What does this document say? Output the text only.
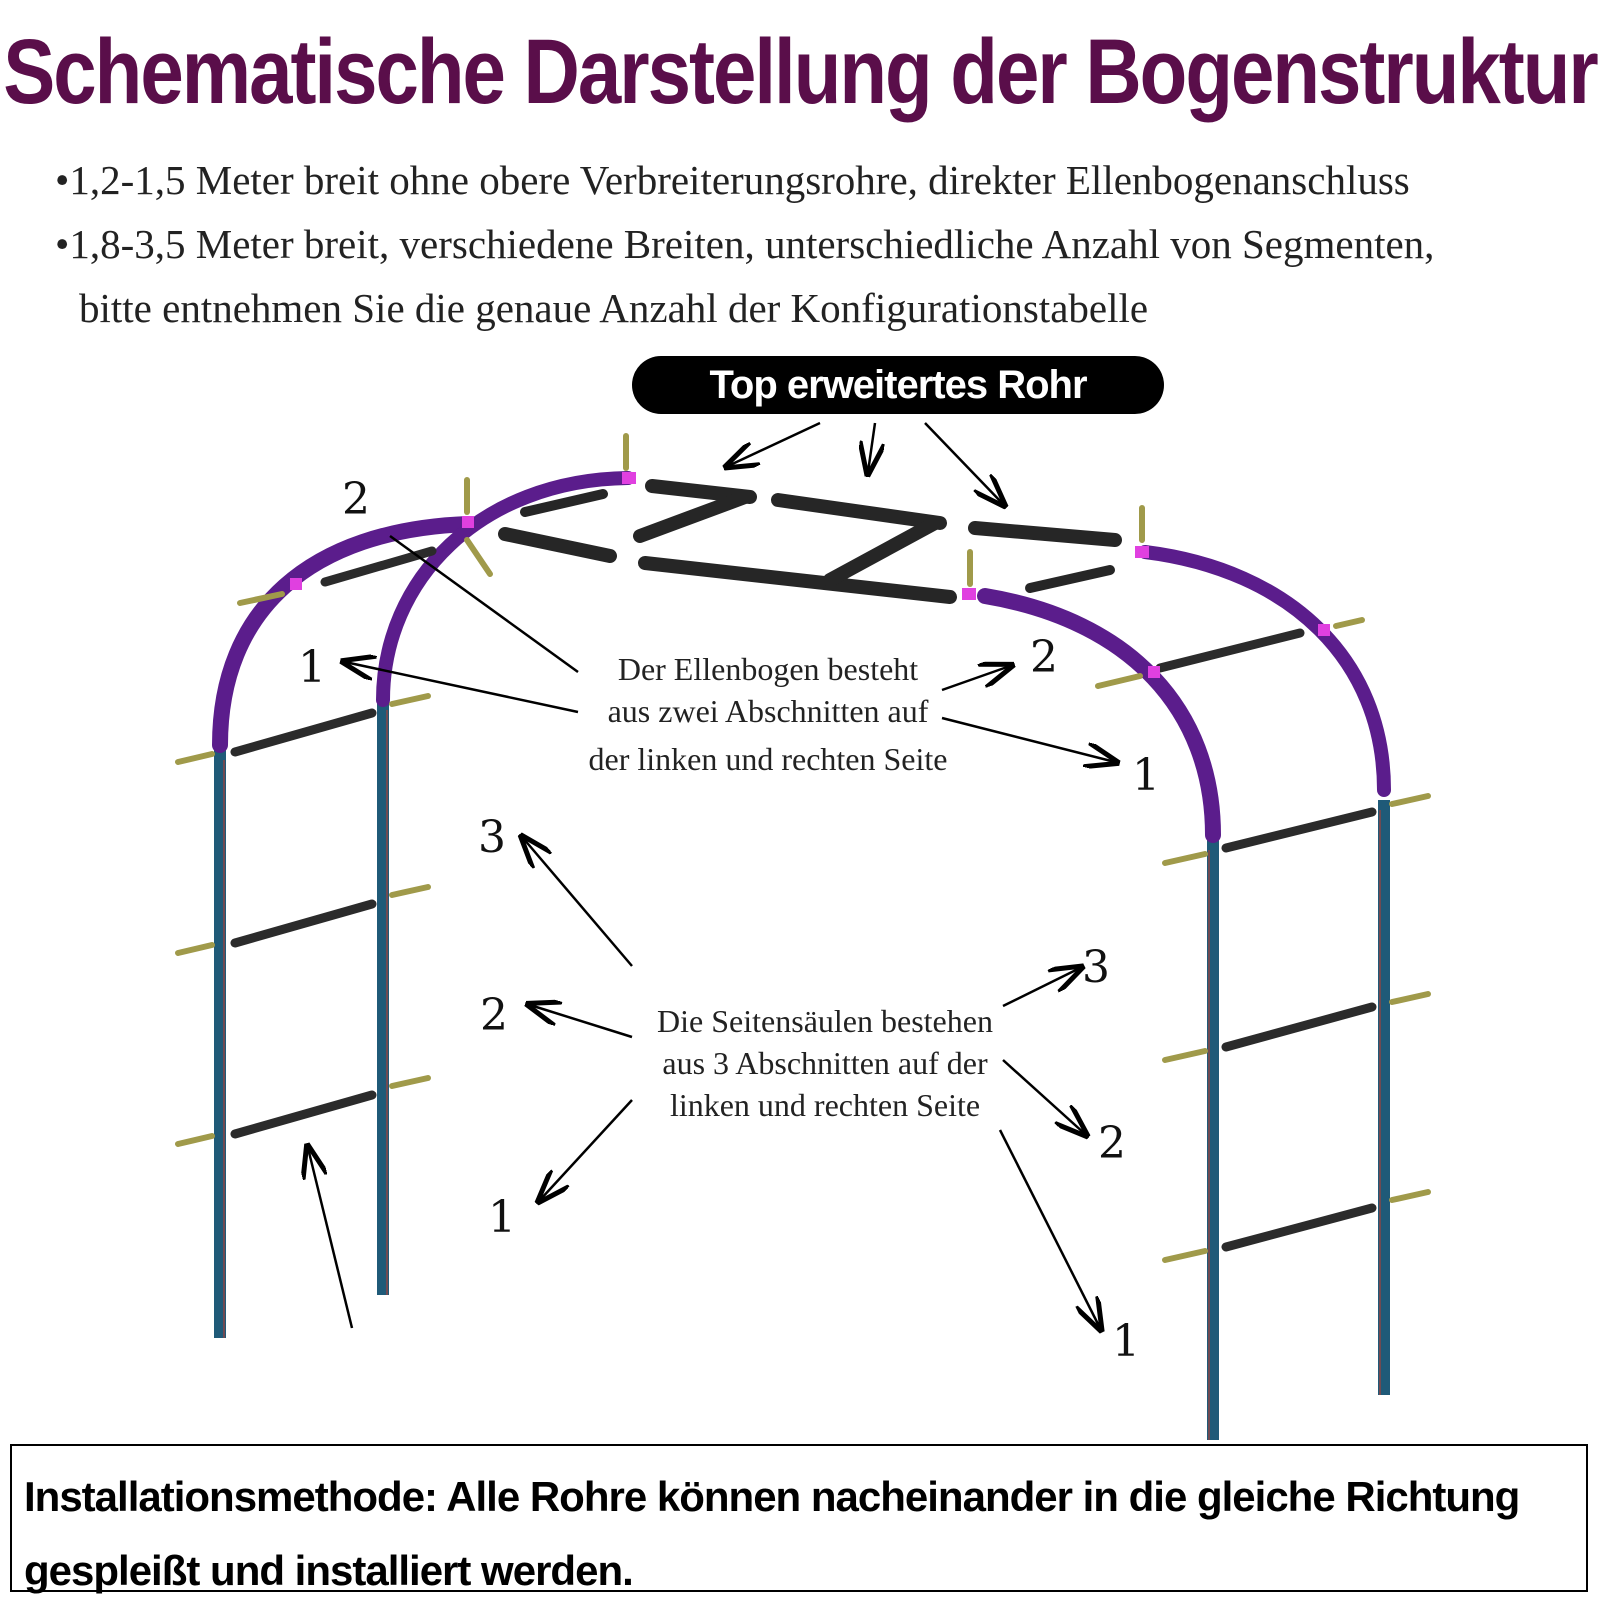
Schematische Darstellung der Bogenstruktur

•1,2-1,5 Meter breit ohne obere Verbreiterungsrohre, direkter Ellenbogenanschluss

•1,8-3,5 Meter breit, verschiedene Breiten, unterschiedliche Anzahl von Segmenten,

bitte entnehmen Sie die genaue Anzahl der Konfigurationstabelle

2
1	2
1
3
2
1
3
2
1
Top erweitertes Rohr
Der Ellenbogen besteht
aus zwei Abschnitten auf
der linken und rechten Seite
Die Seitensäulen bestehen
aus 3 Abschnitten auf der
linken und rechten Seite
Installationsmethode: Alle Rohre können nacheinander in die gleiche Richtung
gespleißt und installiert werden.
